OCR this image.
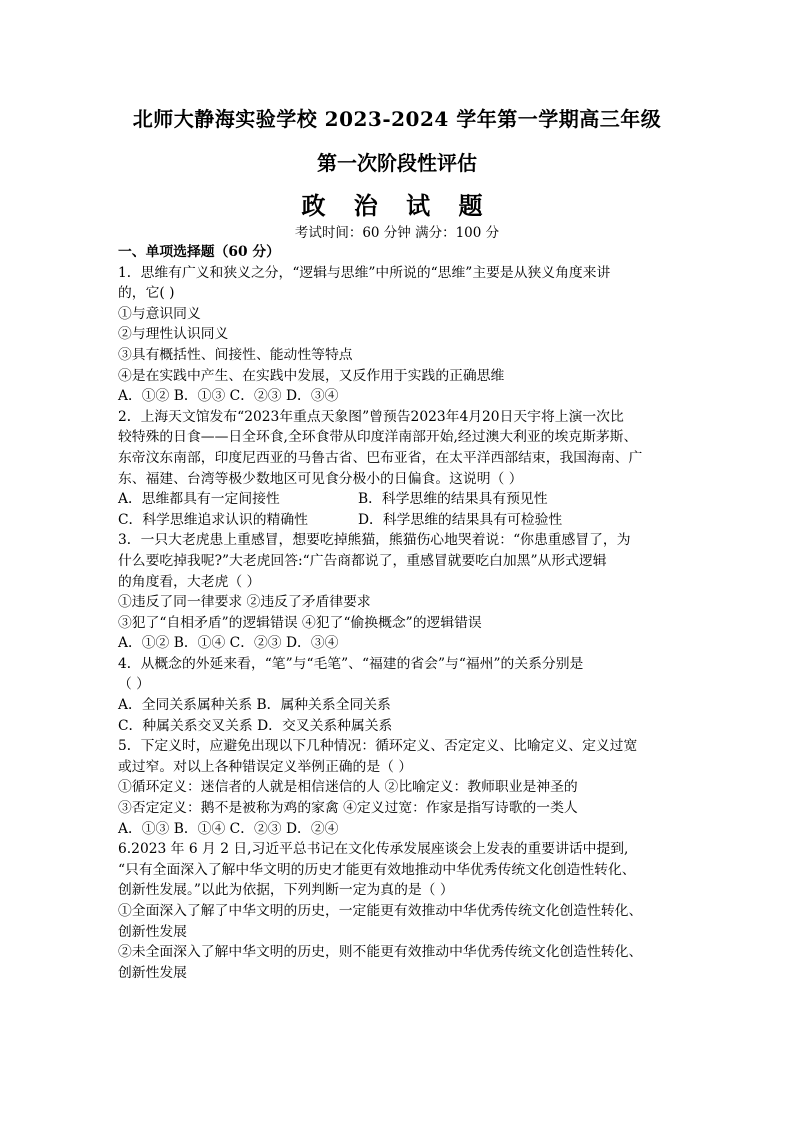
北师大静海实验学校 2023-2024 学年第一学期高三年级
第一次阶段性评估
政 治 试 题
考试时间：60 分钟 满分：100 分
一、单项选择题（60 分）
1．思维有广义和狭义之分，“逻辑与思维”中所说的“思维”主要是从狭义角度来讲
的，它( )
①与意识同义
②与理性认识同义
③具有概括性、间接性、能动性等特点
④是在实践中产生、在实践中发展，又反作用于实践的正确思维
A．①② B．①③ C．②③ D．③④
2．上海天文馆发布“2023年重点天象图”曾预告2023年4月20日天宇将上演一次比
较特殊的日食——日全环食,全环食带从印度洋南部开始,经过澳大利亚的埃克斯茅斯、
东帝汶东南部，印度尼西亚的马鲁古省、巴布亚省，在太平洋西部结束，我国海南、广
东、福建、台湾等极少数地区可见食分极小的日偏食。这说明（ ）
A．思维都具有一定间接性	B．科学思维的结果具有预见性
C．科学思维追求认识的精确性	D．科学思维的结果具有可检验性
3．一只大老虎患上重感冒，想要吃掉熊猫，熊猫伤心地哭着说：“你患重感冒了，为
什么要吃掉我呢?”大老虎回答:“广告商都说了，重感冒就要吃白加黑”从形式逻辑
的角度看，大老虎（ ）
①违反了同一律要求 ②违反了矛盾律要求
③犯了“自相矛盾”的逻辑错误 ④犯了“偷换概念”的逻辑错误
A．①② B．①④ C．②③ D．③④
4．从概念的外延来看，“笔”与“毛笔”、“福建的省会”与“福州”的关系分别是
（ ）
A．全同关系属种关系 B．属种关系全同关系
C．种属关系交叉关系 D．交叉关系种属关系
5．下定义时，应避免出现以下几种情况：循环定义、否定定义、比喻定义、定义过宽
或过窄。对以上各种错误定义举例正确的是（ ）
①循环定义：迷信者的人就是相信迷信的人 ②比喻定义：教师职业是神圣的
③否定定义：鹅不是被称为鸡的家禽 ④定义过宽：作家是指写诗歌的一类人
A．①③ B．①④ C．②③ D．②④
6.2023 年 6 月 2 日,习近平总书记在文化传承发展座谈会上发表的重要讲话中提到,
“只有全面深入了解中华文明的历史才能更有效地推动中华优秀传统文化创造性转化、
创新性发展。”以此为依据，下列判断一定为真的是（ ）
①全面深入了解了中华文明的历史，一定能更有效推动中华优秀传统文化创造性转化、
创新性发展
②未全面深入了解中华文明的历史，则不能更有效推动中华优秀传统文化创造性转化、
创新性发展
